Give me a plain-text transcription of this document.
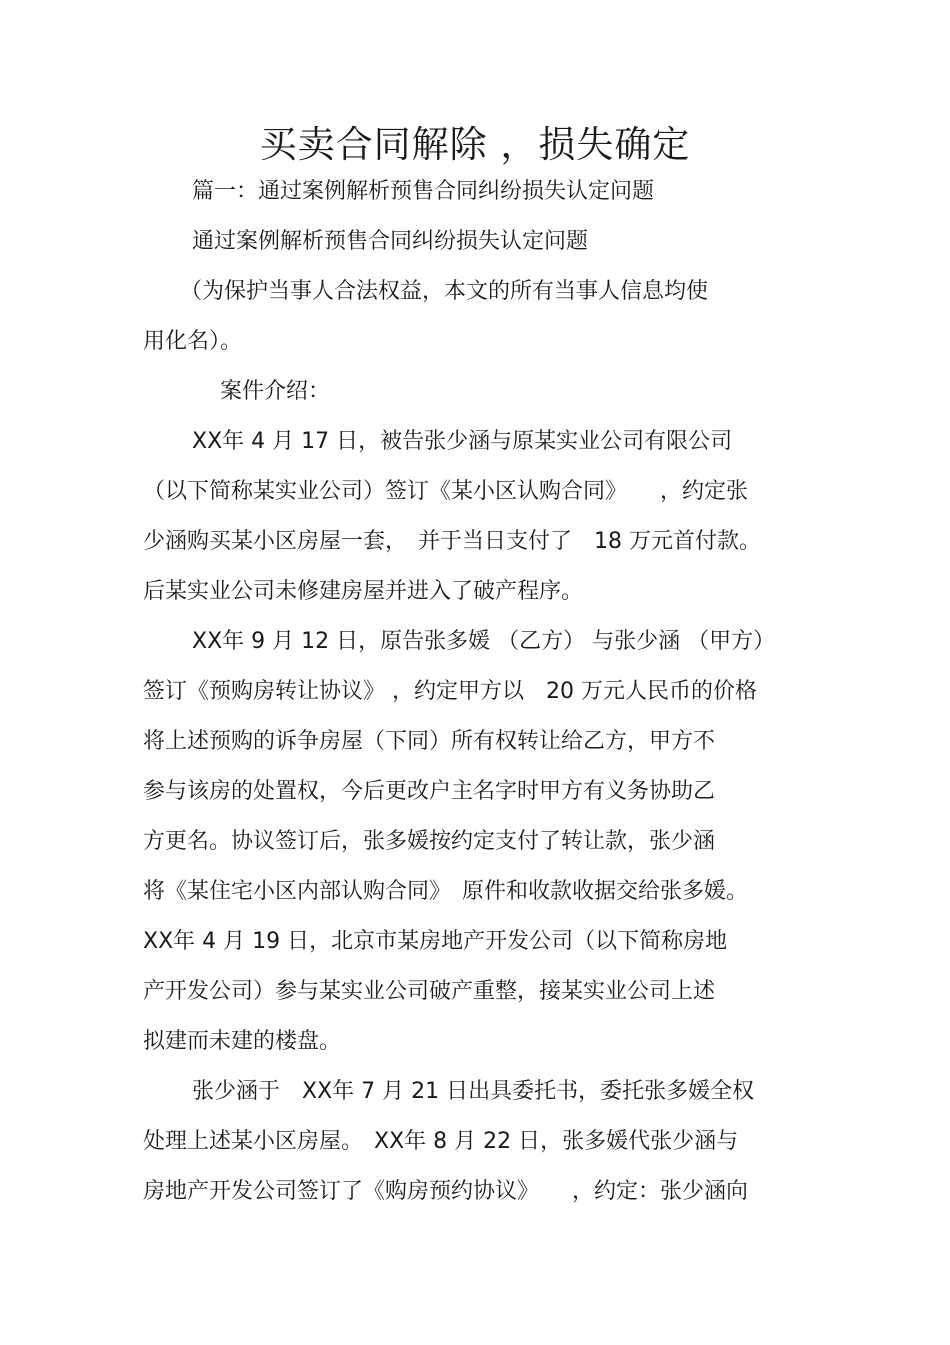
买卖合同解除 ，损失确定
篇一：通过案例解析预售合同纠纷损失认定问题
通过案例解析预售合同纠纷损失认定问题
（为保护当事人合法权益，本文的所有当事人信息均使
用化名）。
案件介绍：
XX年 4 月 17 日，被告张少涵与原某实业公司有限公司
（以下简称某实业公司）签订《某小区认购合同》　　，约定张
少涵购买某小区房屋一套，　并于当日支付了　18 万元首付款。
后某实业公司未修建房屋并进入了破产程序。
XX年 9 月 12 日，原告张多媛 （乙方） 与张少涵 （甲方）
签订《预购房转让协议》 ，约定甲方以　20 万元人民币的价格
将上述预购的诉争房屋（下同）所有权转让给乙方，甲方不
参与该房的处置权，今后更改户主名字时甲方有义务协助乙
方更名。协议签订后，张多媛按约定支付了转让款，张少涵
将《某住宅小区内部认购合同》　原件和收款收据交给张多媛。
XX年 4 月 19 日，北京市某房地产开发公司（以下简称房地
产开发公司）参与某实业公司破产重整，接某实业公司上述
拟建而未建的楼盘。
张少涵于　XX年 7 月 21 日出具委托书，委托张多媛全权
处理上述某小区房屋。　XX年 8 月 22 日，张多媛代张少涵与
房地产开发公司签订了《购房预约协议》　　，约定：张少涵向
